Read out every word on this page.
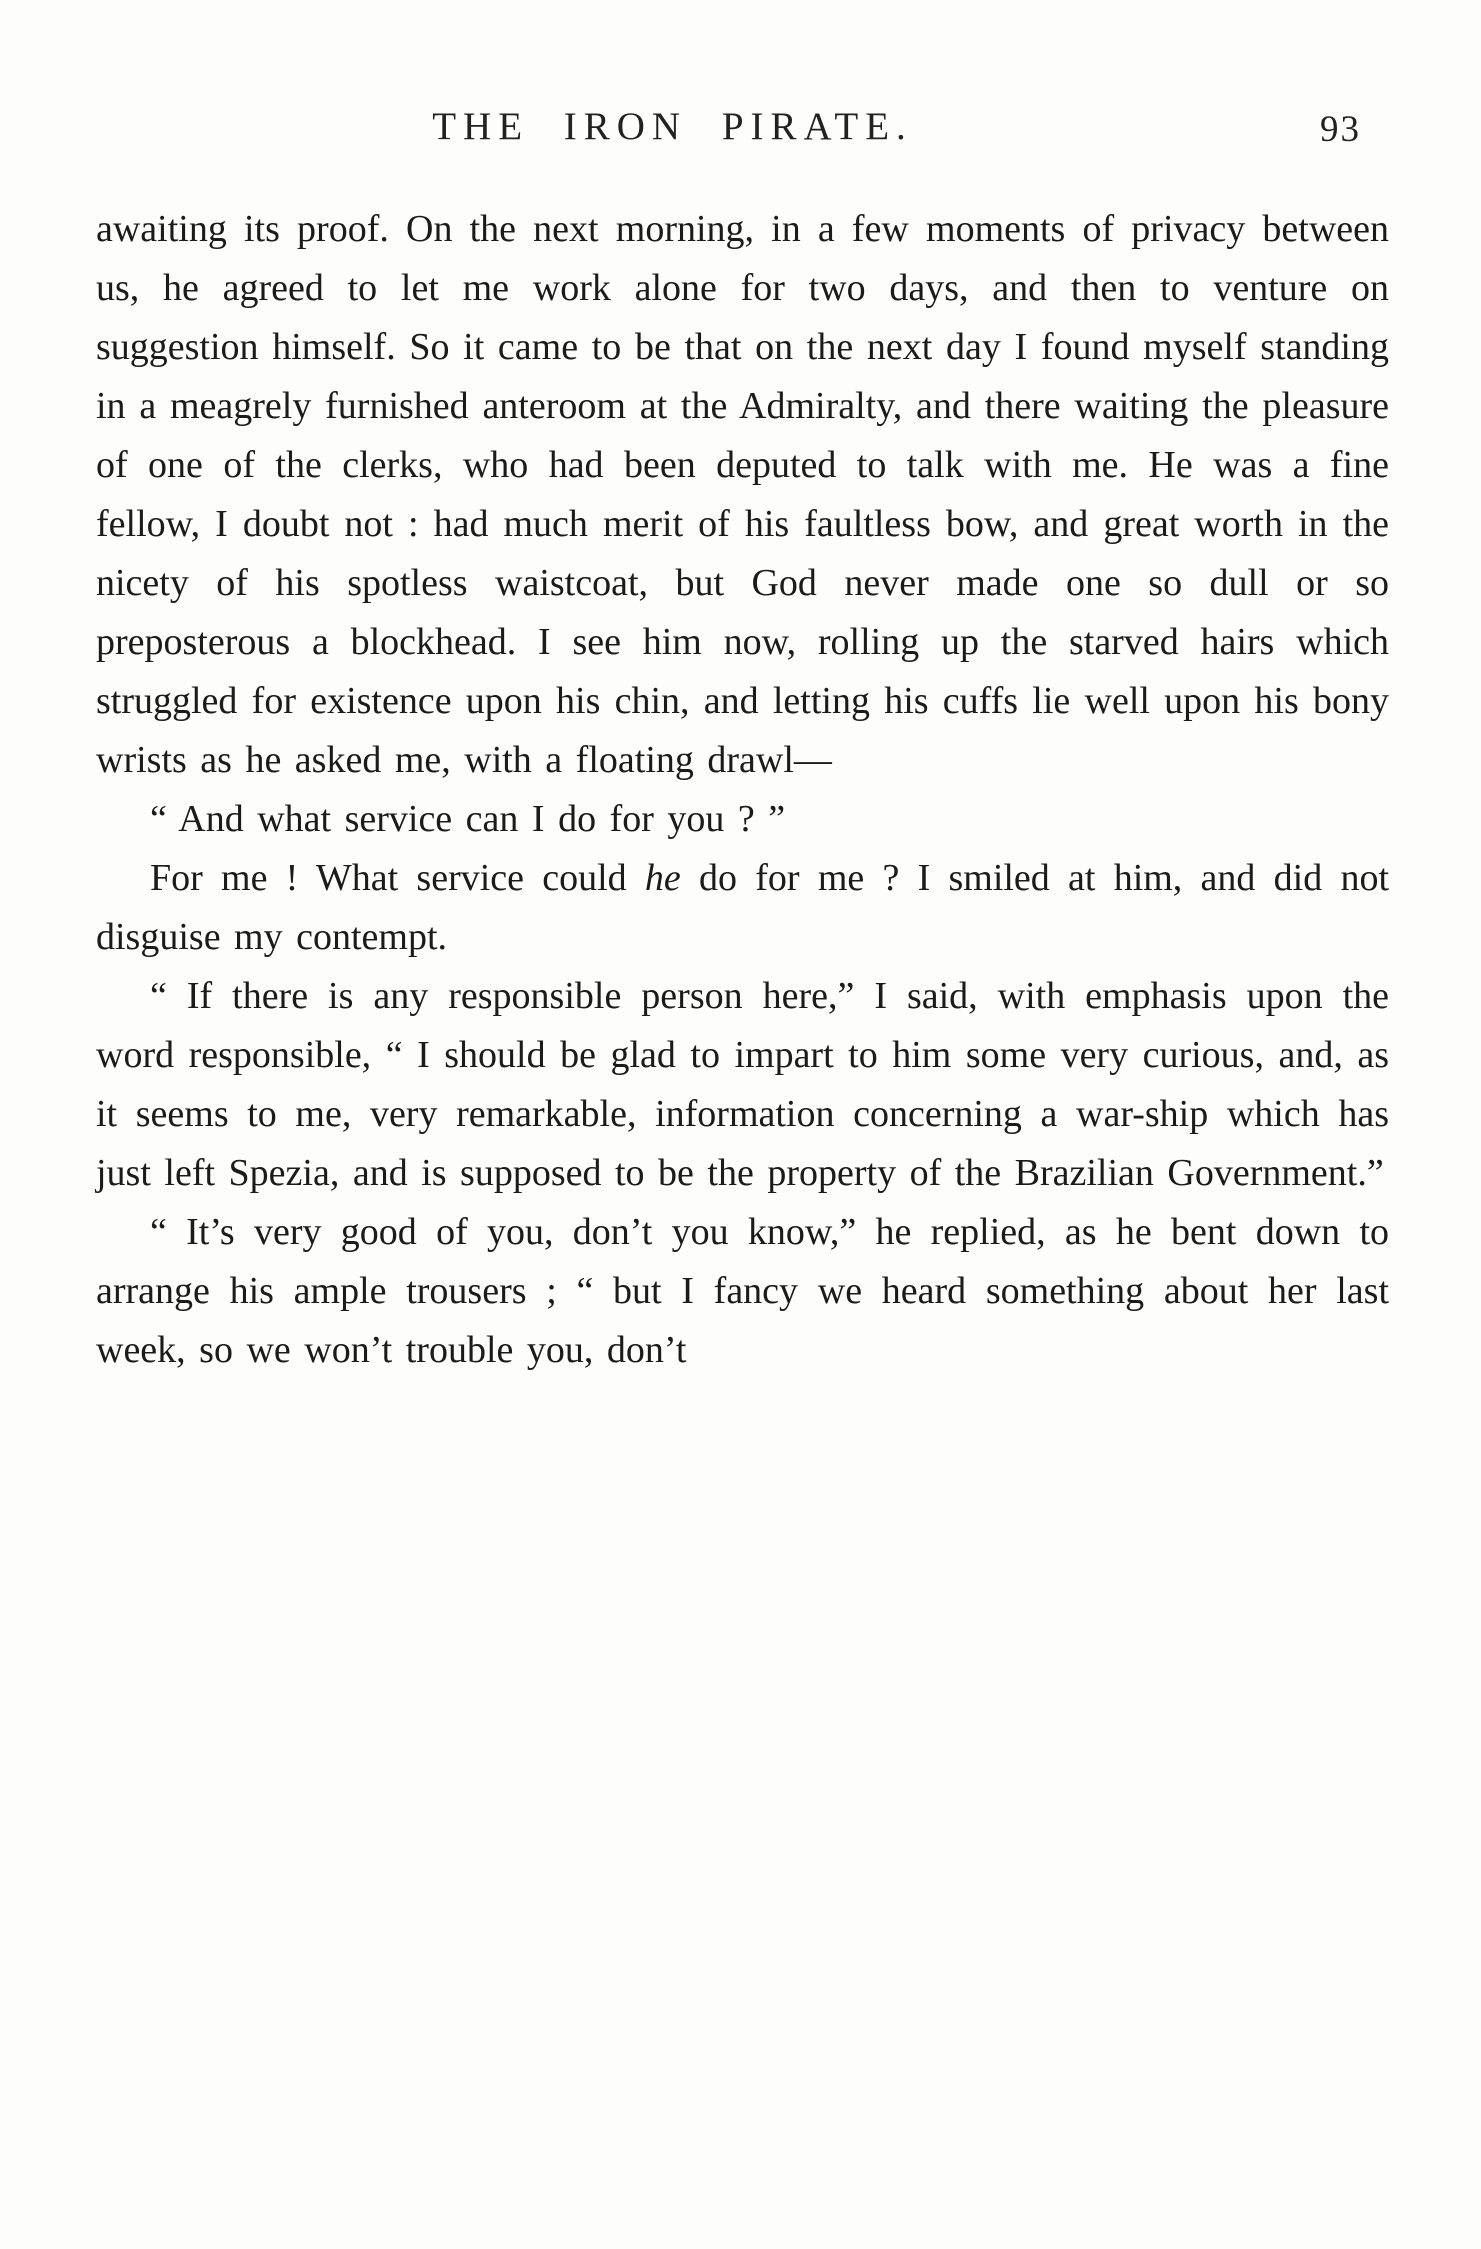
THE IRON PIRATE.	93

awaiting its proof. On the next morning, in a few moments of privacy between us, he agreed to let me work alone for two days, and then to venture on suggestion himself. So it came to be that on the next day I found myself standing in a meagrely furnished anteroom at the Admiralty, and there waiting the pleasure of one of the clerks, who had been deputed to talk with me. He was a fine fellow, I doubt not : had much merit of his faultless bow, and great worth in the nicety of his spotless waistcoat, but God never made one so dull or so preposterous a blockhead. I see him now, rolling up the starved hairs which struggled for existence upon his chin, and letting his cuffs lie well upon his bony wrists as he asked me, with a floating drawl—

“ And what service can I do for you ? ”

For me ! What service could he do for me ? I smiled at him, and did not disguise my contempt.

“ If there is any responsible person here,” I said, with emphasis upon the word responsible, “ I should be glad to impart to him some very curious, and, as it seems to me, very remarkable, information concerning a war-ship which has just left Spezia, and is supposed to be the property of the Brazilian Government.”

“ It’s very good of you, don’t you know,” he replied, as he bent down to arrange his ample trousers ; “ but I fancy we heard something about her last week, so we won’t trouble you, don’t
